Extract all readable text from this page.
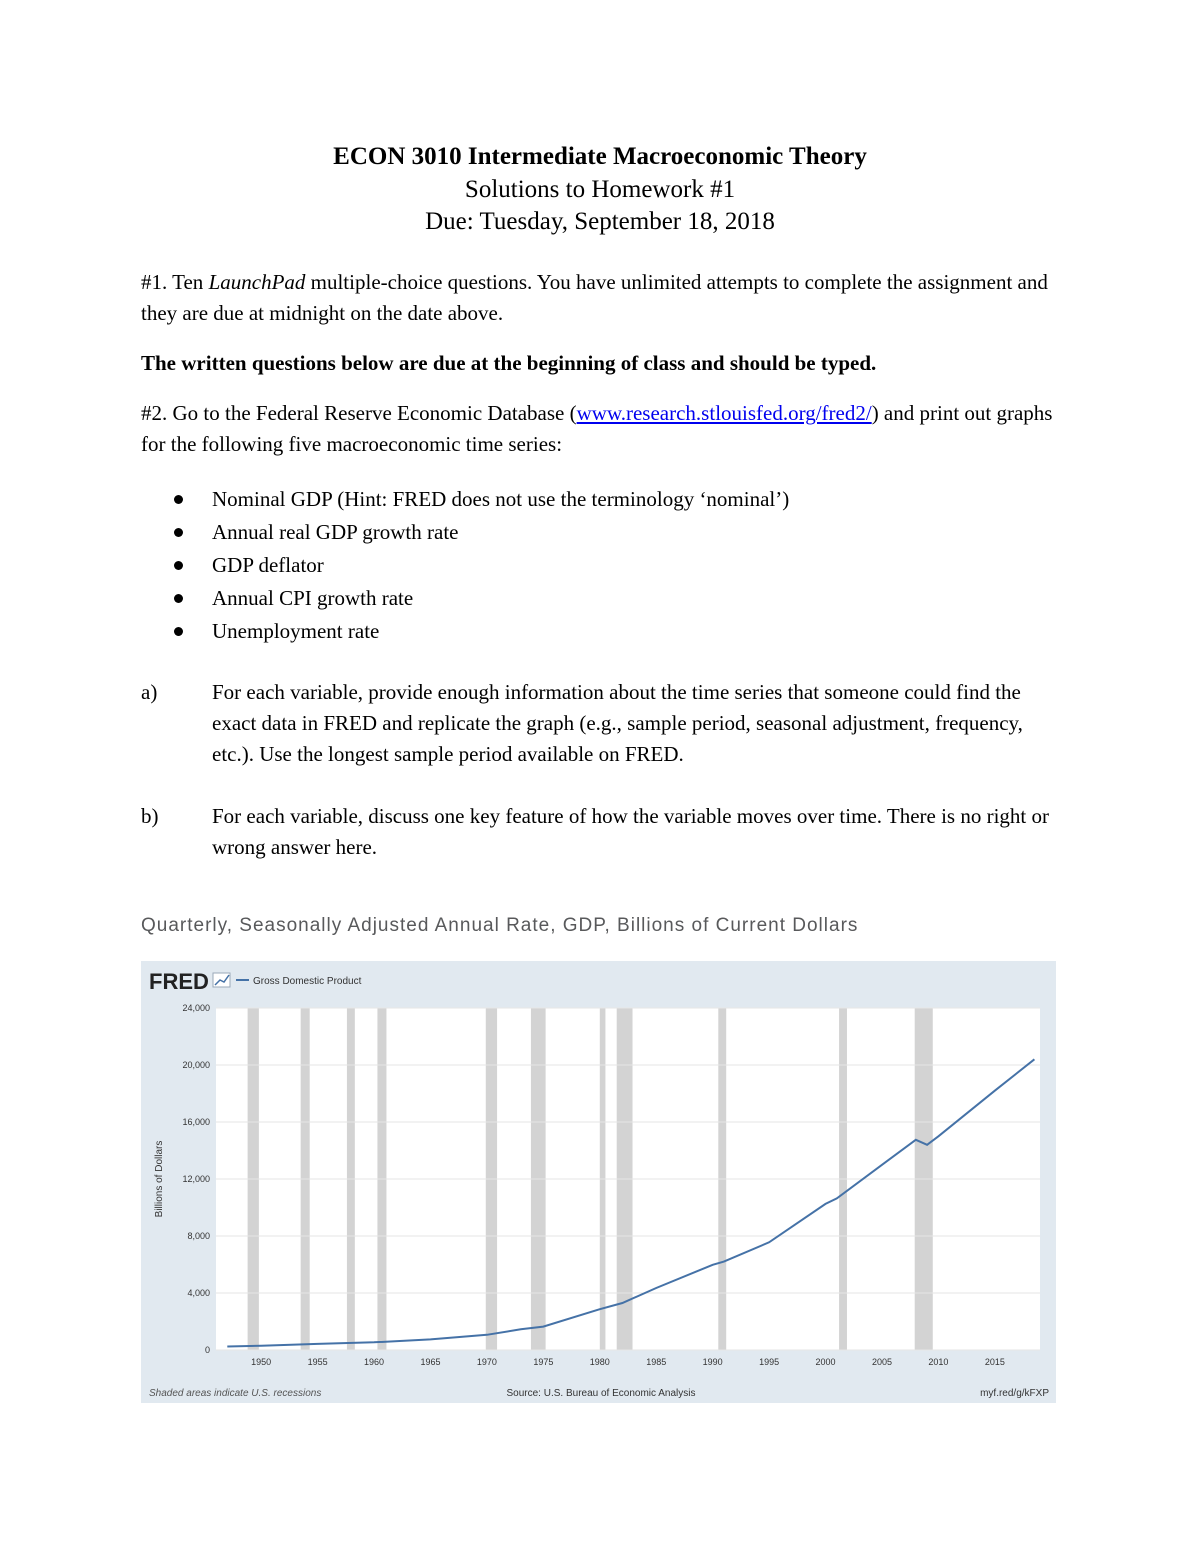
ECON 3010 Intermediate Macroeconomic Theory
Solutions to Homework #1
Due: Tuesday, September 18, 2018
#1. Ten LaunchPad multiple-choice questions. You have unlimited attempts to complete the assignment and they are due at midnight on the date above.
The written questions below are due at the beginning of class and should be typed.
#2. Go to the Federal Reserve Economic Database (www.research.stlouisfed.org/fred2/) and print out graphs for the following five macroeconomic time series:
Nominal GDP (Hint: FRED does not use the terminology ‘nominal’)
Annual real GDP growth rate
GDP deflator
Annual CPI growth rate
Unemployment rate
a)	For each variable, provide enough information about the time series that someone could find the exact data in FRED and replicate the graph (e.g., sample period, seasonal adjustment, frequency, etc.). Use the longest sample period available on FRED.
b)	For each variable, discuss one key feature of how the variable moves over time. There is no right or wrong answer here.
Quarterly, Seasonally Adjusted Annual Rate, GDP, Billions of Current Dollars
FRED	Gross Domestic Product
0
4,000
8,000
12,000
16,000
20,000
24,000
1950	1955	1960	1965	1970	1975	1980	1985	1990	1995	2000	2005	2010	2015
Billions of Dollars
Shaded areas indicate U.S. recessions	Source: U.S. Bureau of Economic Analysis	myf.red/g/kFXP
